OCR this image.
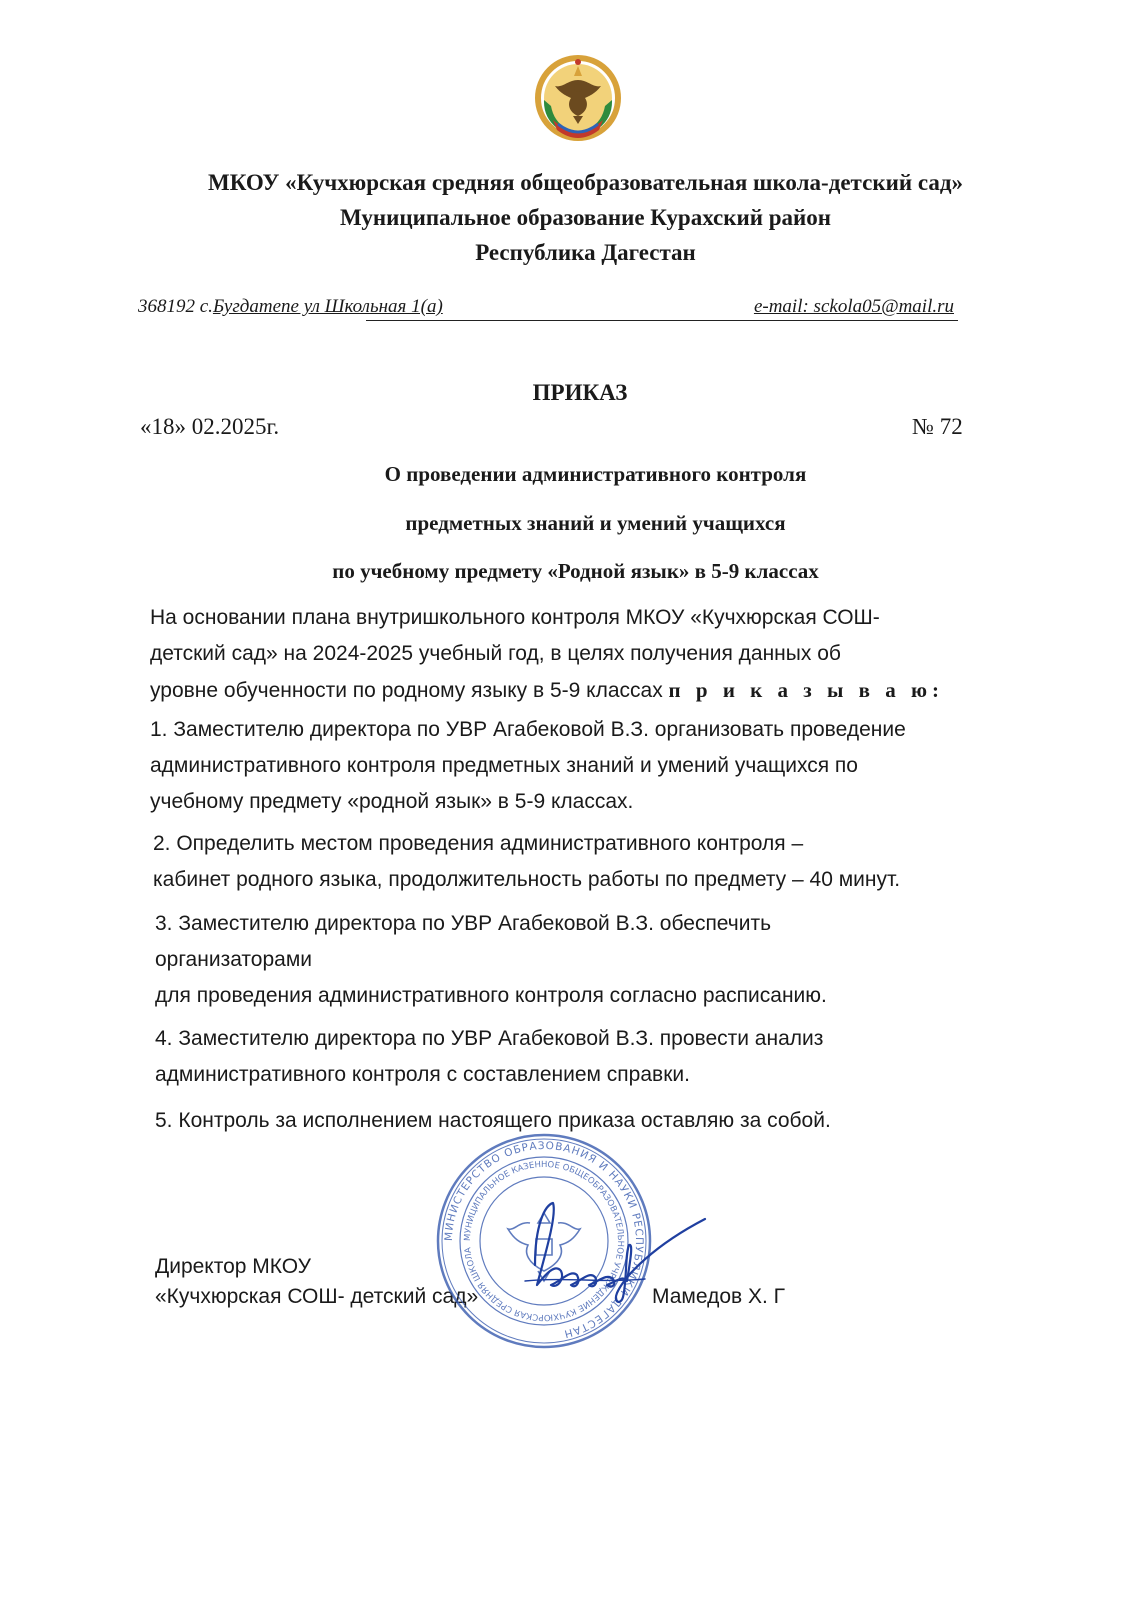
МКОУ «Кучхюрская средняя общеобразовательная школа-детский сад»
Муниципальное образование Курахский район
Республика Дагестан
368192 с.Бугдатепе ул Школьная 1(а)	e-mail: sckola05@mail.ru
ПРИКАЗ
«18» 02.2025г.	№ 72
О проведении административного контроля
предметных знаний и умений учащихся
по учебному предмету «Родной язык» в 5-9 классах
На основании плана внутришкольного контроля МКОУ «Кучхюрская СОШ-
детский сад» на 2024-2025 учебный год, в целях получения данных об
уровне обученности по родному языку в 5-9 классах п р и к а з ы в а ю:
1. Заместителю директора по УВР Агабековой В.З. организовать проведение
административного контроля предметных знаний и умений учащихся по
учебному предмету «родной язык» в 5-9 классах.
2. Определить местом проведения административного контроля –
кабинет родного языка, продолжительность работы по предмету – 40 минут.
3. Заместителю директора по УВР Агабековой В.З. обеспечить
организаторами
для проведения административного контроля согласно расписанию.
4. Заместителю директора по УВР Агабековой В.З. провести анализ
административного контроля с составлением справки.
5. Контроль за исполнением настоящего приказа оставляю за собой.
Директор МКОУ
«Кучхюрская СОШ- детский сад»	Мамедов Х. Г
МИНИСТЕРСТВО ОБРАЗОВАНИЯ И НАУКИ РЕСПУБЛИКИ ДАГЕСТАН
МУНИЦИПАЛЬНОЕ КАЗЕННОЕ ОБЩЕОБРАЗОВАТЕЛЬНОЕ УЧРЕЖДЕНИЕ КУЧХЮРСКАЯ СРЕДНЯЯ ШКОЛА
